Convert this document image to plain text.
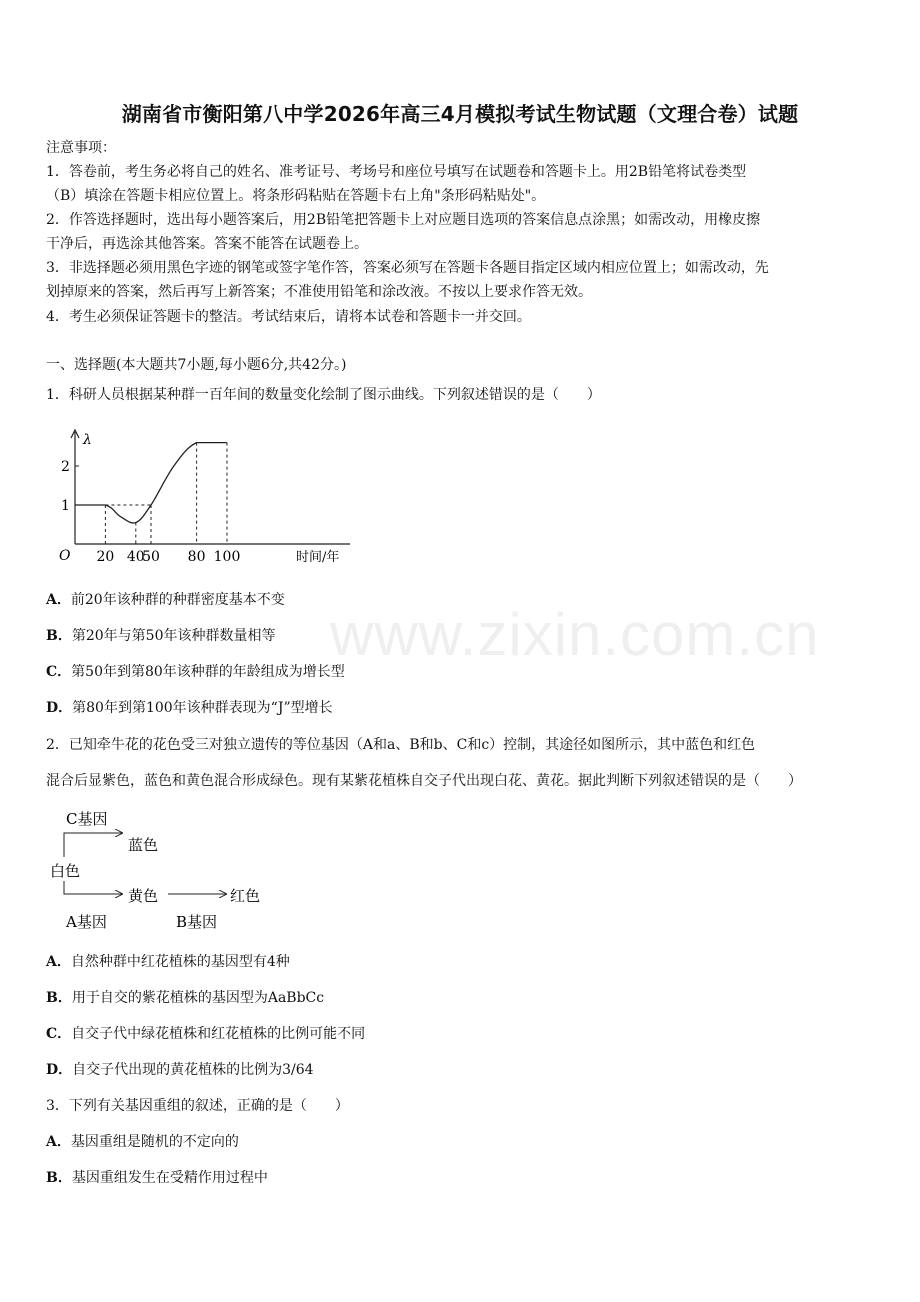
www.zixin.com.cn
湖南省市衡阳第八中学2026年高三4月模拟考试生物试题（文理合卷）试题
注意事项：
1．答卷前，考生务必将自己的姓名、准考证号、考场号和座位号填写在试题卷和答题卡上。用2B铅笔将试卷类型
（B）填涂在答题卡相应位置上。将条形码粘贴在答题卡右上角"条形码粘贴处"。
2．作答选择题时，选出每小题答案后，用2B铅笔把答题卡上对应题目选项的答案信息点涂黑；如需改动，用橡皮擦
干净后，再选涂其他答案。答案不能答在试题卷上。
3．非选择题必须用黑色字迹的钢笔或签字笔作答，答案必须写在答题卡各题目指定区域内相应位置上；如需改动，先
划掉原来的答案，然后再写上新答案；不准使用铅笔和涂改液。不按以上要求作答无效。
4．考生必须保证答题卡的整洁。考试结束后，请将本试卷和答题卡一并交回。
一、选择题(本大题共7小题,每小题6分,共42分。)
1．科研人员根据某种群一百年间的数量变化绘制了图示曲线。下列叙述错误的是（　　）
λ
O	时间/年
1
2
20 40
50 80 100
A．前20年该种群的种群密度基本不变
B．第20年与第50年该种群数量相等
C．第50年到第80年该种群的年龄组成为增长型
D．第80年到第100年该种群表现为“J”型增长
2．已知牵牛花的花色受三对独立遗传的等位基因（A和a、B和b、C和c）控制，其途径如图所示，其中蓝色和红色
混合后显紫色，蓝色和黄色混合形成绿色。现有某紫花植株自交子代出现白花、黄花。据此判断下列叙述错误的是（　　）
C基因
蓝色
白色
黄色	红色
A基因	B基因
A．自然种群中红花植株的基因型有4种
B．用于自交的紫花植株的基因型为AaBbCc
C．自交子代中绿花植株和红花植株的比例可能不同
D．自交子代出现的黄花植株的比例为3/64
3．下列有关基因重组的叙述，正确的是（　　）
A．基因重组是随机的不定向的
B．基因重组发生在受精作用过程中
